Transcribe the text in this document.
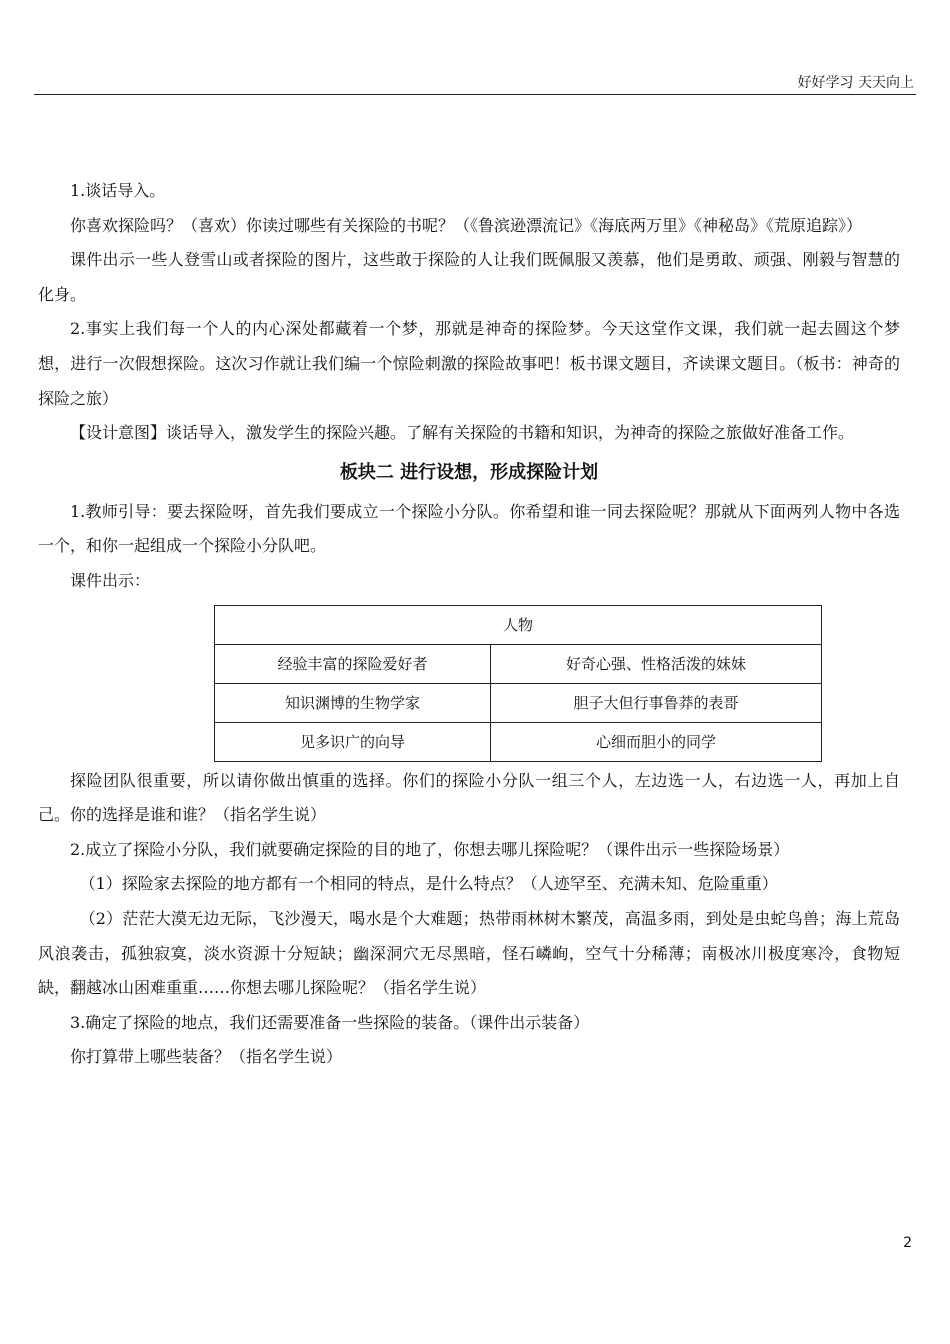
好好学习 天天向上

1.谈话导入。

你喜欢探险吗？（喜欢）你读过哪些有关探险的书呢？（《鲁滨逊漂流记》《海底两万里》《神秘岛》《荒原追踪》）

课件出示一些人登雪山或者探险的图片，这些敢于探险的人让我们既佩服又羡慕，他们是勇敢、顽强、刚毅与智慧的化身。

2.事实上我们每一个人的内心深处都藏着一个梦，那就是神奇的探险梦。今天这堂作文课，我们就一起去圆这个梦想，进行一次假想探险。这次习作就让我们编一个惊险刺激的探险故事吧！板书课文题目，齐读课文题目。（板书：神奇的探险之旅）

【设计意图】谈话导入，激发学生的探险兴趣。了解有关探险的书籍和知识，为神奇的探险之旅做好准备工作。

板块二 进行设想，形成探险计划

1.教师引导：要去探险呀，首先我们要成立一个探险小分队。你希望和谁一同去探险呢？那就从下面两列人物中各选一个，和你一起组成一个探险小分队吧。

课件出示：

人物	
经验丰富的探险爱好者	好奇心强、性格活泼的妹妹
知识渊博的生物学家	胆子大但行事鲁莽的表哥
见多识广的向导	心细而胆小的同学

探险团队很重要，所以请你做出慎重的选择。你们的探险小分队一组三个人，左边选一人，右边选一人，再加上自己。你的选择是谁和谁？（指名学生说）

2.成立了探险小分队，我们就要确定探险的目的地了，你想去哪儿探险呢？（课件出示一些探险场景）

（1）探险家去探险的地方都有一个相同的特点，是什么特点？（人迹罕至、充满未知、危险重重）

（2）茫茫大漠无边无际，飞沙漫天，喝水是个大难题；热带雨林树木繁茂，高温多雨，到处是虫蛇鸟兽；海上荒岛风浪袭击，孤独寂寞，淡水资源十分短缺；幽深洞穴无尽黑暗，怪石嶙峋，空气十分稀薄；南极冰川极度寒冷，食物短缺，翻越冰山困难重重……你想去哪儿探险呢？（指名学生说）

3.确定了探险的地点，我们还需要准备一些探险的装备。（课件出示装备）

你打算带上哪些装备？（指名学生说）

2
